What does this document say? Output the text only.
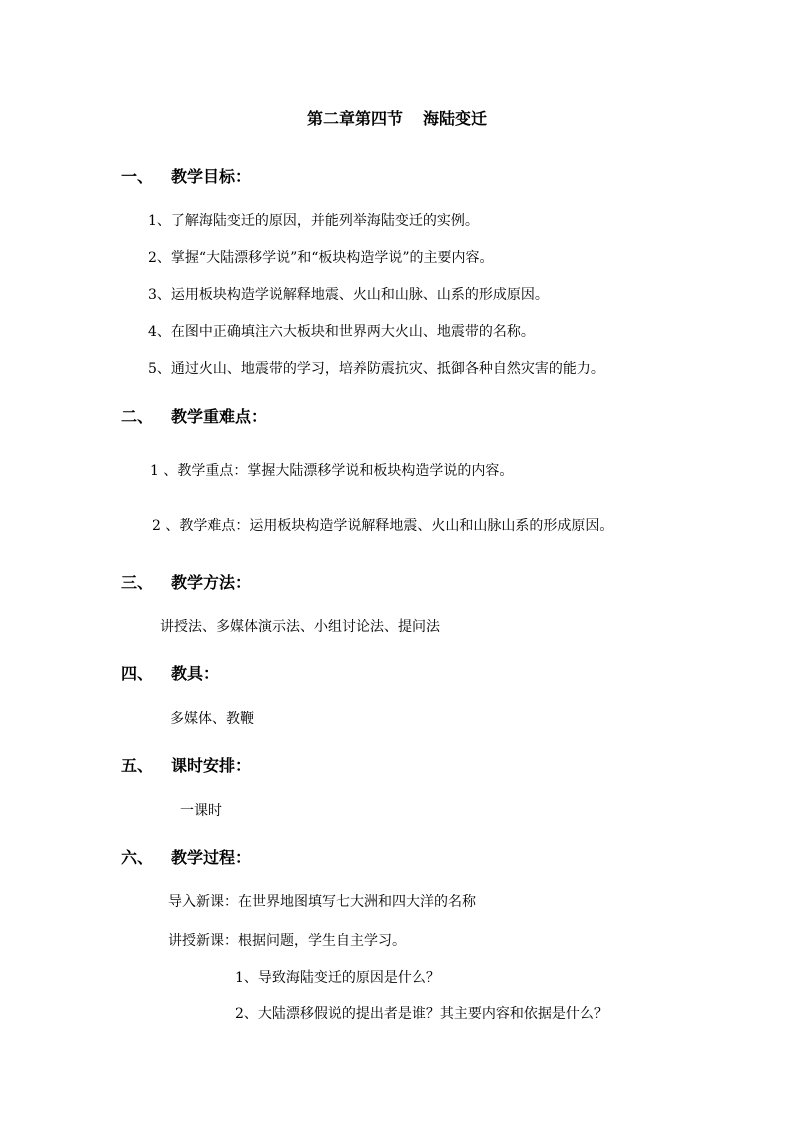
第二章第四节 海陆变迁
一、 教学目标：
1、了解海陆变迁的原因，并能列举海陆变迁的实例。
2、掌握“大陆漂移学说”和“板块构造学说”的主要内容。
3、运用板块构造学说解释地震、火山和山脉、山系的形成原因。
4、在图中正确填注六大板块和世界两大火山、地震带的名称。
5、通过火山、地震带的学习，培养防震抗灾、抵御各种自然灾害的能力。
二、 教学重难点：
1 、教学重点：掌握大陆漂移学说和板块构造学说的内容。
2 、教学难点：运用板块构造学说解释地震、火山和山脉山系的形成原因。
三、 教学方法：
讲授法、多媒体演示法、小组讨论法、提问法
四、 教具：
多媒体、教鞭
五、 课时安排：
一课时
六、 教学过程：
导入新课：在世界地图填写七大洲和四大洋的名称
讲授新课：根据问题，学生自主学习。
1、导致海陆变迁的原因是什么？
2、大陆漂移假说的提出者是谁？其主要内容和依据是什么？
